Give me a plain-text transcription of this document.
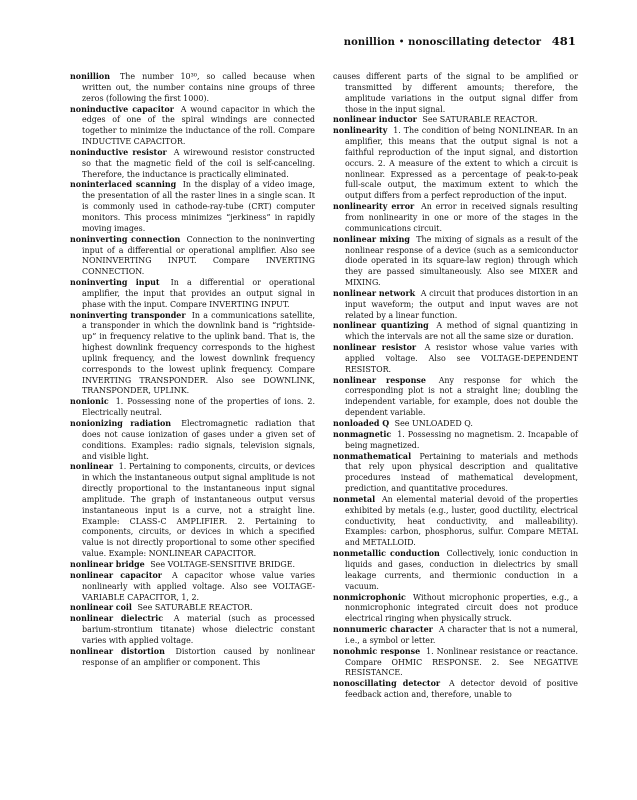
nonillion • nonoscillating detector 481

nonillion The number 10³⁰, so called because when written out, the number contains nine groups of three zeros (following the first 1000).

noninductive capacitor A wound capacitor in which the edges of one of the spiral windings are connected together to minimize the inductance of the roll. Compare INDUCTIVE CAPACITOR.

noninductive resistor A wirewound resistor constructed so that the magnetic field of the coil is self-canceling. Therefore, the inductance is practically eliminated.

noninterlaced scanning In the display of a video image, the presentation of all the raster lines in a single scan. It is commonly used in cathode-ray-tube (CRT) computer monitors. This process minimizes “jerkiness” in rapidly moving images.

noninverting connection Connection to the noninverting input of a differential or operational amplifier. Also see NONINVERTING INPUT. Compare INVERTING CONNECTION.

noninverting input In a differential or operational amplifier, the input that provides an output signal in phase with the input. Compare INVERTING INPUT.

noninverting transponder In a communications satellite, a transponder in which the downlink band is “rightside-up” in frequency relative to the uplink band. That is, the highest downlink frequency corresponds to the highest uplink frequency, and the lowest downlink frequency corresponds to the lowest uplink frequency. Compare INVERTING TRANSPONDER. Also see DOWNLINK, TRANSPONDER, UPLINK.

nonionic 1. Possessing none of the properties of ions. 2. Electrically neutral.

nonionizing radiation Electromagnetic radiation that does not cause ionization of gases under a given set of conditions. Examples: radio signals, television signals, and visible light.

nonlinear 1. Pertaining to components, circuits, or devices in which the instantaneous output signal amplitude is not directly proportional to the instantaneous input signal amplitude. The graph of instantaneous output versus instantaneous input is a curve, not a straight line. Example: CLASS-C AMPLIFIER. 2. Pertaining to components, circuits, or devices in which a specified value is not directly proportional to some other specified value. Example: NONLINEAR CAPACITOR.

nonlinear bridge See VOLTAGE-SENSITIVE BRIDGE.

nonlinear capacitor A capacitor whose value varies nonlinearly with applied voltage. Also see VOLTAGE-VARIABLE CAPACITOR, 1, 2.

nonlinear coil See SATURABLE REACTOR.

nonlinear dielectric A material (such as processed barium-strontium titanate) whose dielectric constant varies with applied voltage.

nonlinear distortion Distortion caused by nonlinear response of an amplifier or component. This

causes different parts of the signal to be amplified or transmitted by different amounts; therefore, the amplitude variations in the output signal differ from those in the input signal.

nonlinear inductor See SATURABLE REACTOR.

nonlinearity 1. The condition of being NONLINEAR. In an amplifier, this means that the output signal is not a faithful reproduction of the input signal, and distortion occurs. 2. A measure of the extent to which a circuit is nonlinear. Expressed as a percentage of peak-to-peak full-scale output, the maximum extent to which the output differs from a perfect reproduction of the input.

nonlinearity error An error in received signals resulting from nonlinearity in one or more of the stages in the communications circuit.

nonlinear mixing The mixing of signals as a result of the nonlinear response of a device (such as a semiconductor diode operated in its square-law region) through which they are passed simultaneously. Also see MIXER and MIXING.

nonlinear network A circuit that produces distortion in an input waveform; the output and input waves are not related by a linear function.

nonlinear quantizing A method of signal quantizing in which the intervals are not all the same size or duration.

nonlinear resistor A resistor whose value varies with applied voltage. Also see VOLTAGE-DEPENDENT RESISTOR.

nonlinear response Any response for which the corresponding plot is not a straight line; doubling the independent variable, for example, does not double the dependent variable.

nonloaded Q See UNLOADED Q.

nonmagnetic 1. Possessing no magnetism. 2. Incapable of being magnetized.

nonmathematical Pertaining to materials and methods that rely upon physical description and qualitative procedures instead of mathematical development, prediction, and quantitative procedures.

nonmetal An elemental material devoid of the properties exhibited by metals (e.g., luster, good ductility, electrical conductivity, heat conductivity, and malleability). Examples: carbon, phosphorus, sulfur. Compare METAL and METALLOID.

nonmetallic conduction Collectively, ionic conduction in liquids and gases, conduction in dielectrics by small leakage currents, and thermionic conduction in a vacuum.

nonmicrophonic Without microphonic properties, e.g., a nonmicrophonic integrated circuit does not produce electrical ringing when physically struck.

nonnumeric character A character that is not a numeral, i.e., a symbol or letter.

nonohmic response 1. Nonlinear resistance or reactance. Compare OHMIC RESPONSE. 2. See NEGATIVE RESISTANCE.

nonoscillating detector A detector devoid of positive feedback action and, therefore, unable to
